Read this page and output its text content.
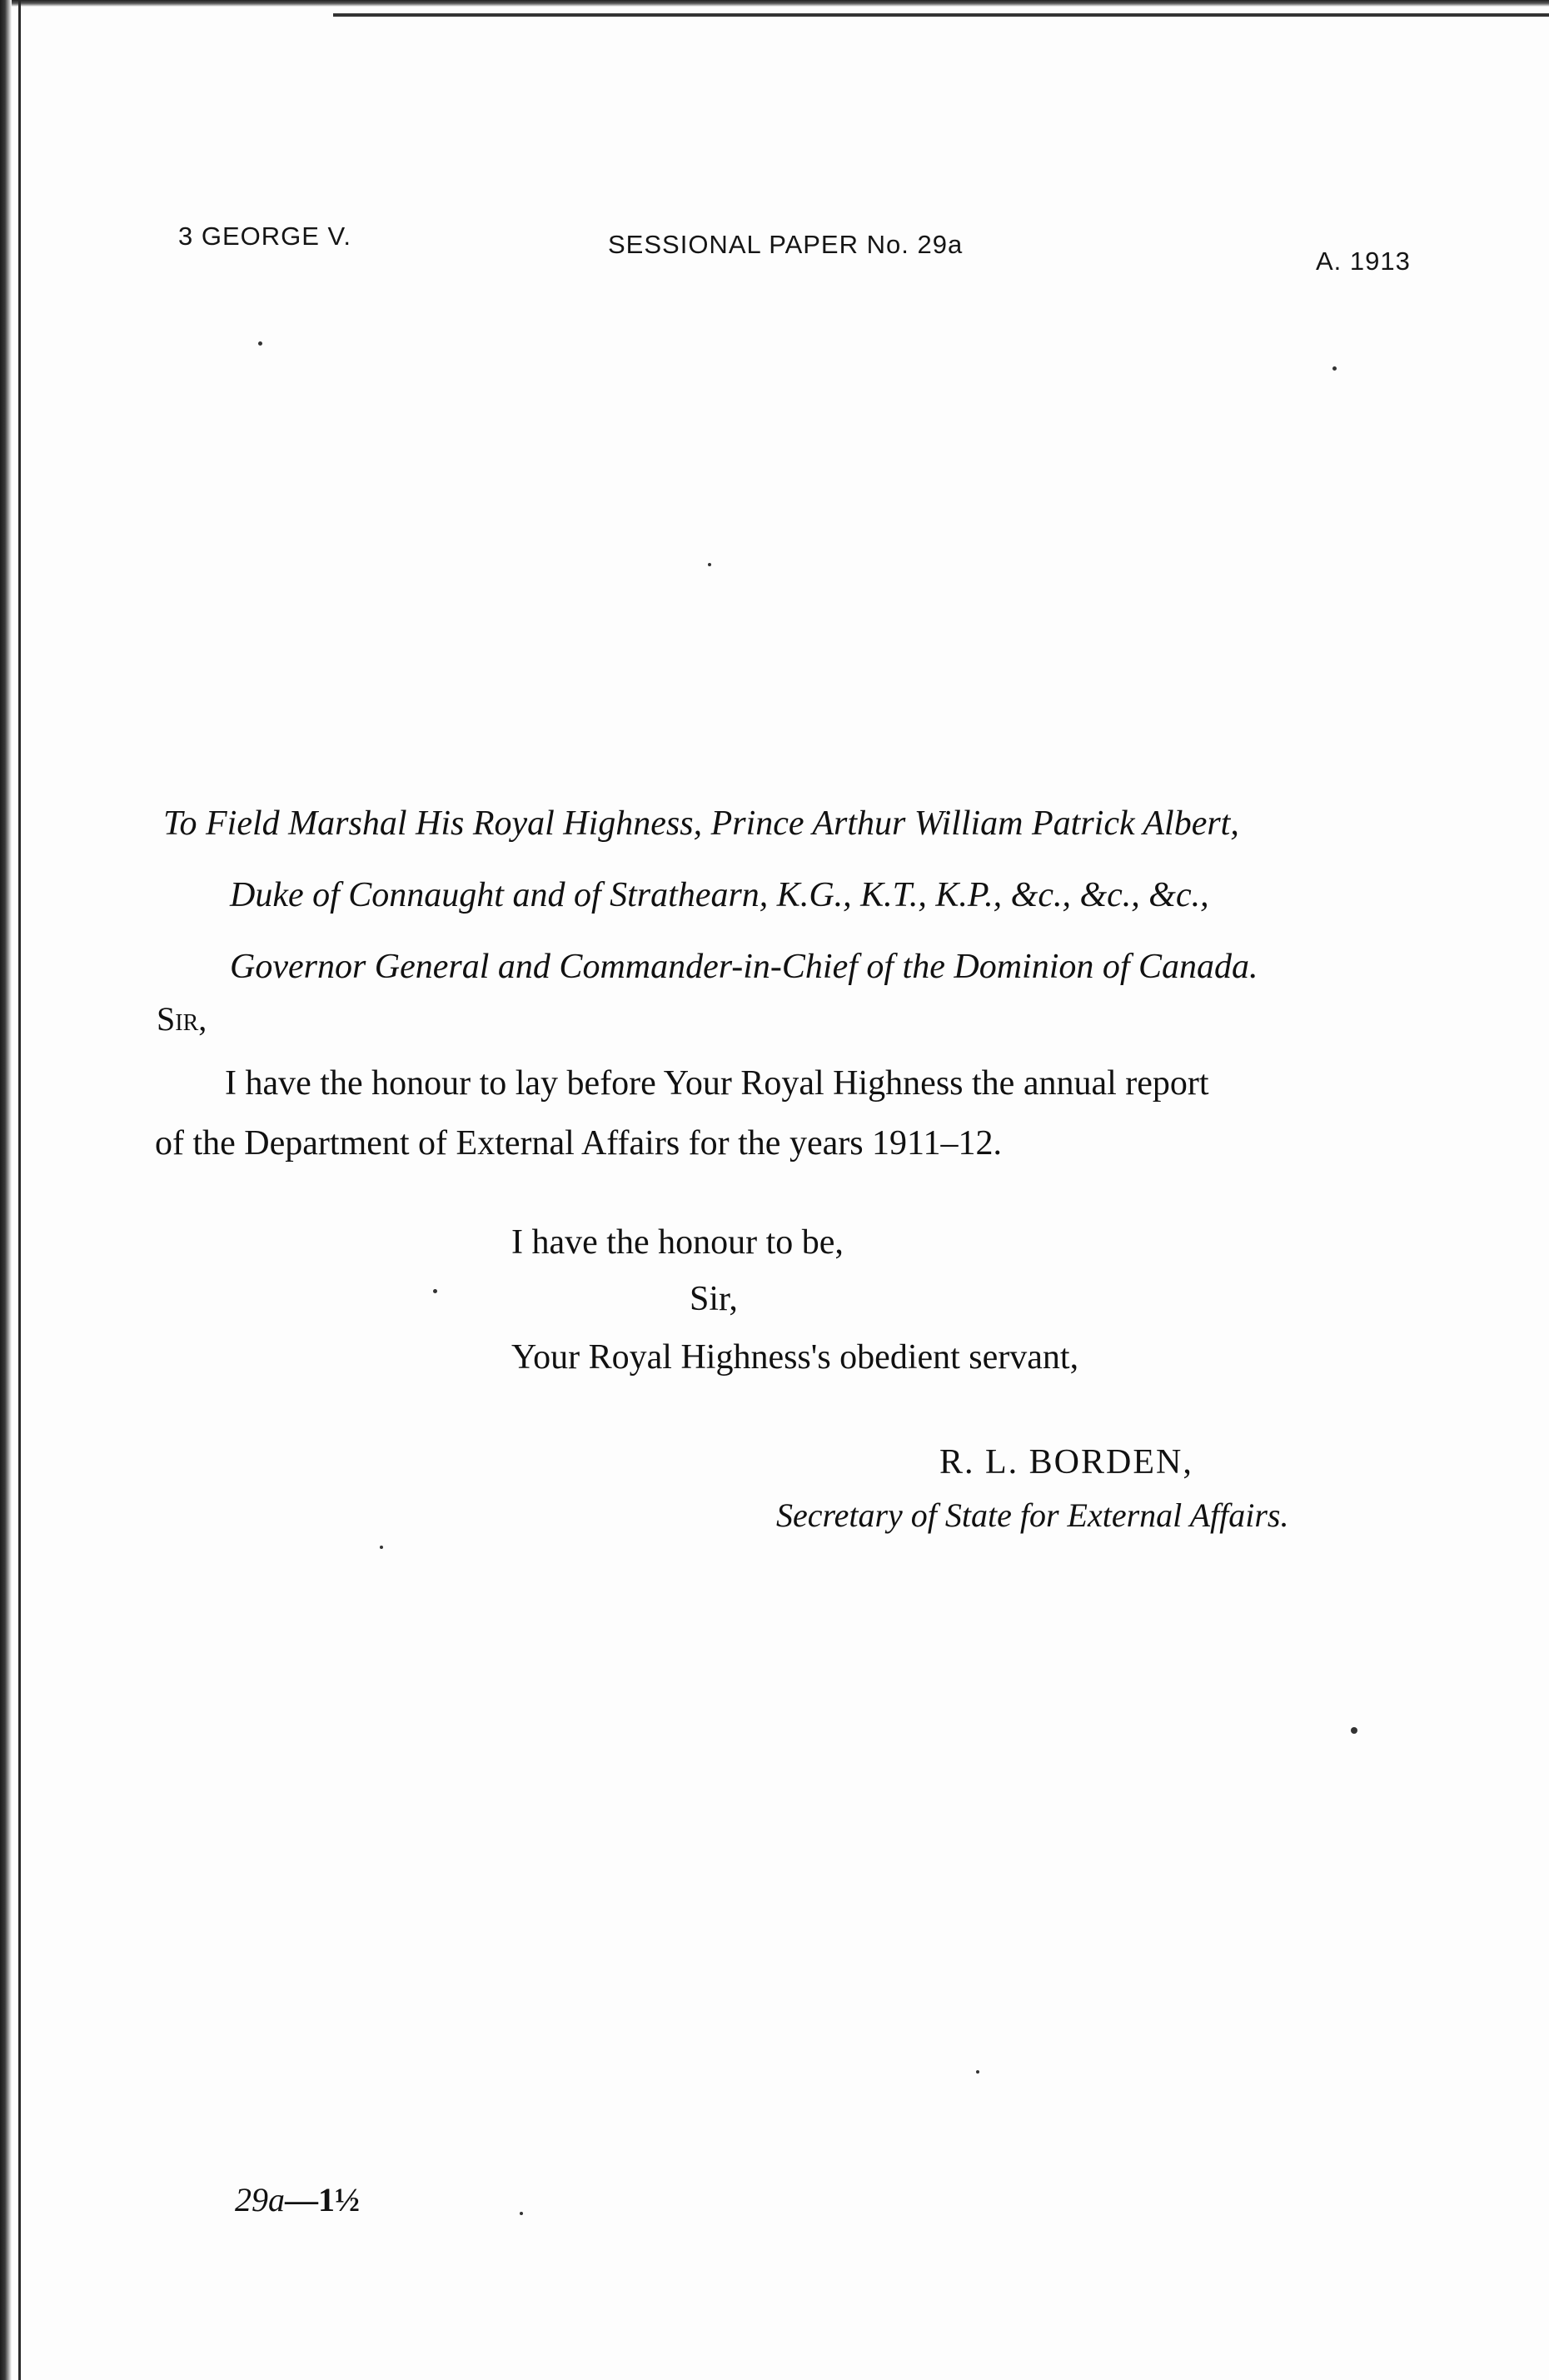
3 GEORGE V.	SESSIONAL PAPER No. 29a
A. 1913
To Field Marshal His Royal Highness, Prince Arthur William Patrick Albert,
Duke of Connaught and of Strathearn, K.G., K.T., K.P., &c., &c., &c.,
Governor General and Commander-in-Chief of the Dominion of Canada.
Sir,
I have the honour to lay before Your Royal Highness the annual report
of the Department of External Affairs for the years 1911–12.
I have the honour to be,
Sir,
Your Royal Highness's obedient servant,
R. L. BORDEN,
Secretary of State for External Affairs.
29a—1½
